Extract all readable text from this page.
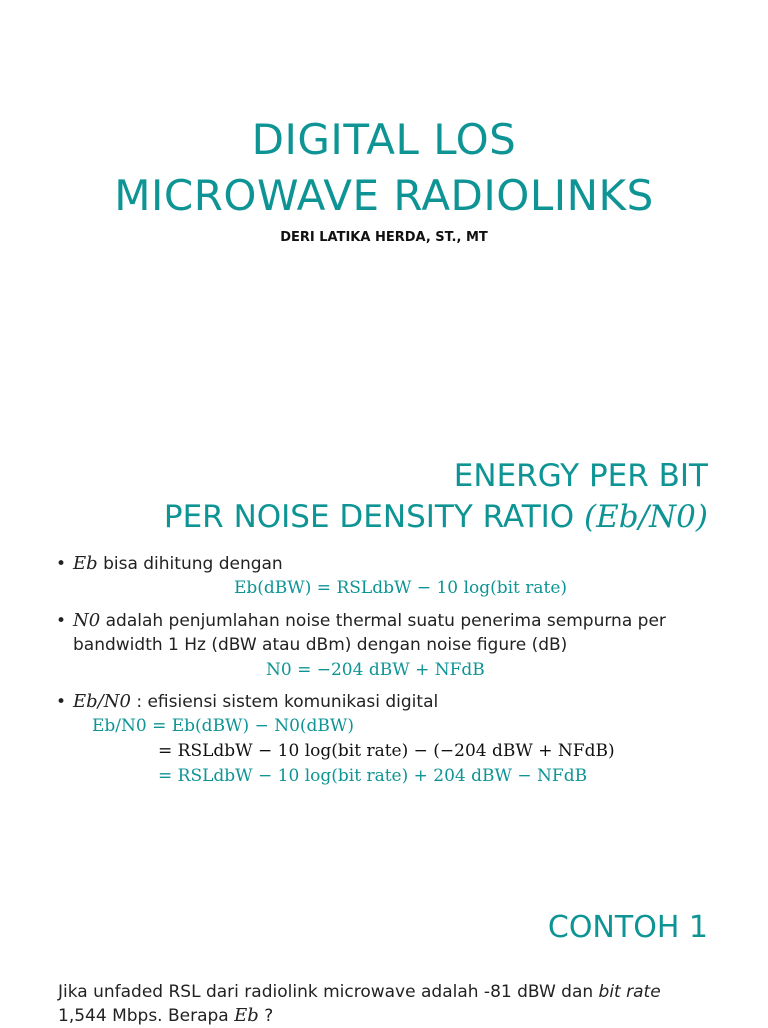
DIGITAL LOS
MICROWAVE RADIOLINKS
DERI LATIKA HERDA, ST., MT
ENERGY PER BIT
PER NOISE DENSITY RATIO (Eb/N0)
• Eb bisa dihitung dengan
Eb(dBW) = RSLdbW − 10 log(bit rate)
• N0 adalah penjumlahan noise thermal suatu penerima sempurna per bandwidth 1 Hz (dBW atau dBm) dengan noise figure (dB)
N0 = −204 dBW + NFdB
• Eb/N0 : efisiensi sistem komunikasi digital
Eb/N0 = Eb(dBW) − N0(dBW)
= RSLdbW − 10 log(bit rate) − (−204 dBW + NFdB)
= RSLdbW − 10 log(bit rate) + 204 dBW − NFdB
CONTOH 1
Jika unfaded RSL dari radiolink microwave adalah -81 dBW dan bit rate 1,544 Mbps. Berapa Eb ?
